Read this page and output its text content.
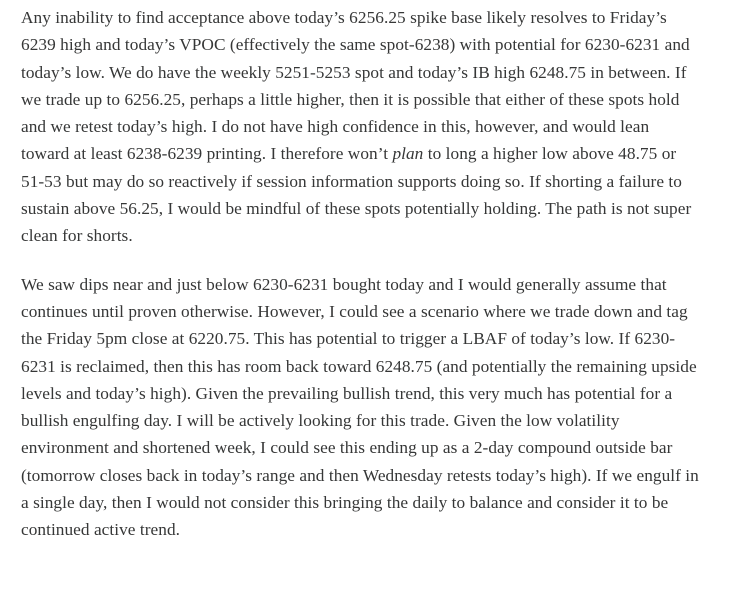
Any inability to find acceptance above today’s 6256.25 spike base likely resolves to Friday’s 6239 high and today’s VPOC (effectively the same spot-6238) with potential for 6230-6231 and today’s low. We do have the weekly 5251-5253 spot and today’s IB high 6248.75 in between. If we trade up to 6256.25, perhaps a little higher, then it is possible that either of these spots hold and we retest today’s high. I do not have high confidence in this, however, and would lean toward at least 6238-6239 printing. I therefore won’t plan to long a higher low above 48.75 or 51-53 but may do so reactively if session information supports doing so. If shorting a failure to sustain above 56.25, I would be mindful of these spots potentially holding. The path is not super clean for shorts.

We saw dips near and just below 6230-6231 bought today and I would generally assume that continues until proven otherwise. However, I could see a scenario where we trade down and tag the Friday 5pm close at 6220.75. This has potential to trigger a LBAF of today’s low. If 6230-6231 is reclaimed, then this has room back toward 6248.75 (and potentially the remaining upside levels and today’s high). Given the prevailing bullish trend, this very much has potential for a bullish engulfing day. I will be actively looking for this trade. Given the low volatility environment and shortened week, I could see this ending up as a 2-day compound outside bar (tomorrow closes back in today’s range and then Wednesday retests today’s high). If we engulf in a single day, then I would not consider this bringing the daily to balance and consider it to be continued active trend.
